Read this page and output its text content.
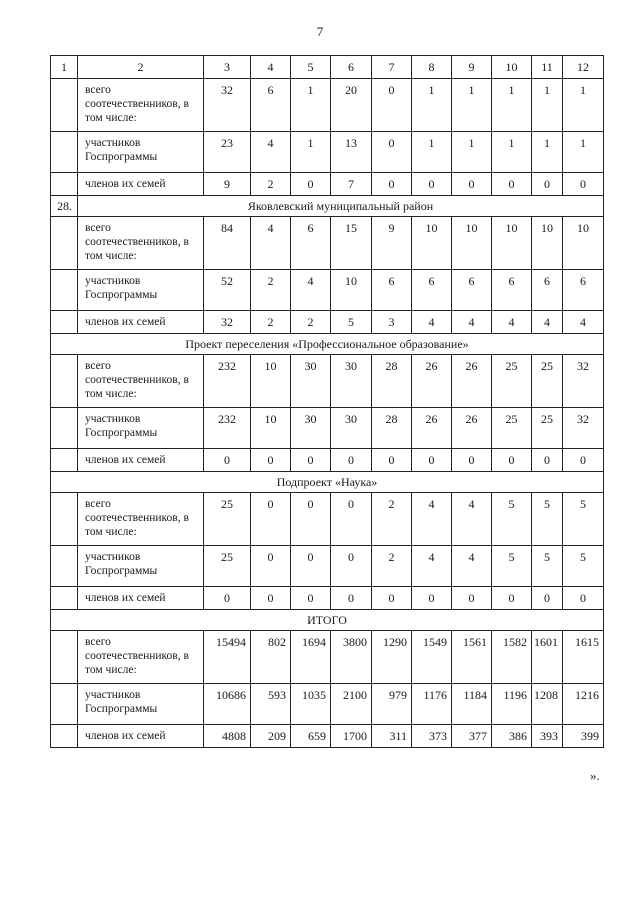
7
1	2	3	4	5	6	7	8	9	10	11	12
	всего соотечественников, в том числе:	32	6	1	20	0	1	1	1	1	1
	участников Госпрограммы	23	4	1	13	0	1	1	1	1	1
	членов их семей	9	2	0	7	0	0	0	0	0	0
28.	Яковлевский муниципальный район										
	всего соотечественников, в том числе:	84	4	6	15	9	10	10	10	10	10
	участников Госпрограммы	52	2	4	10	6	6	6	6	6	6
	членов их семей	32	2	2	5	3	4	4	4	4	4
Проект переселения «Профессиональное образование»											
	всего соотечественников, в том числе:	232	10	30	30	28	26	26	25	25	32
	участников Госпрограммы	232	10	30	30	28	26	26	25	25	32
	членов их семей	0	0	0	0	0	0	0	0	0	0
Подпроект «Наука»											
	всего соотечественников, в том числе:	25	0	0	0	2	4	4	5	5	5
	участников Госпрограммы	25	0	0	0	2	4	4	5	5	5
	членов их семей	0	0	0	0	0	0	0	0	0	0
ИТОГО											
	всего соотечественников, в том числе:	15494	802	1694	3800	1290	1549	1561	1582	1601	1615
	участников Госпрограммы	10686	593	1035	2100	979	1176	1184	1196	1208	1216
	членов их семей	4808	209	659	1700	311	373	377	386	393	399
».
